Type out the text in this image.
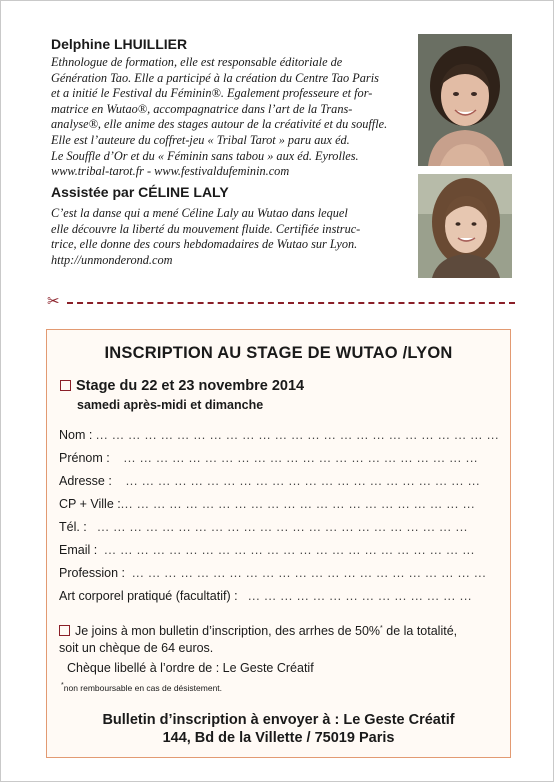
Delphine LHUILLIER
Ethnologue de formation, elle est responsable éditoriale de
Génération Tao. Elle a participé à la création du Centre Tao Paris
et a initié le Festival du Féminin®. Egalement professeure et for-
matrice en Wutao®, accompagnatrice dans l’art de la Trans-
analyse®, elle anime des stages autour de la créativité et du souffle.
Elle est l’auteure du coffret-jeu « Tribal Tarot » paru aux éd.
Le Souffle d’Or et du « Féminin sans tabou » aux éd. Eyrolles.
www.tribal-tarot.fr - www.festivaldufeminin.com
Assistée par CÉLINE LALY
C’est la danse qui a mené Céline Laly au Wutao dans lequel
elle découvre la liberté du mouvement fluide. Certifiée instruc-
trice, elle donne des cours hebdomadaires de Wutao sur Lyon.
http://unmonderond.com
✂
INSCRIPTION AU STAGE DE WUTAO /LYON
Stage du 22 et 23 novembre 2014
samedi après-midi et dimanche
Nom : ... ... ... ... ... ... ... ... ... ... ... ... ... ... ... ... ... ... ... ... ... ... ... ... ...
Prénom : ... ... ... ... ... ... ... ... ... ... ... ... ... ... ... ... ... ... ... ... ... ...
Adresse : ... ... ... ... ... ... ... ... ... ... ... ... ... ... ... ... ... ... ... ... ... ...
CP + Ville :... ... ... ... ... ... ... ... ... ... ... ... ... ... ... ... ... ... ... ... ... ...
Tél. : ... ... ... ... ... ... ... ... ... ... ... ... ... ... ... ... ... ... ... ... ... ... ...
Email : ... ... ... ... ... ... ... ... ... ... ... ... ... ... ... ... ... ... ... ... ... ... ...
Profession : ... ... ... ... ... ... ... ... ... ... ... ... ... ... ... ... ... ... ... ... ... ...
Art corporel pratiqué (facultatif) : ... ... ... ... ... ... ... ... ... ... ... ... ... ...
Je joins à mon bulletin d’inscription, des arrhes de 50%* de la totalité,
soit un chèque de 64 euros.
Chèque libellé à l’ordre de : Le Geste Créatif
*non remboursable en cas de désistement.
Bulletin d’inscription à envoyer à : Le Geste Créatif
144, Bd de la Villette / 75019 Paris
